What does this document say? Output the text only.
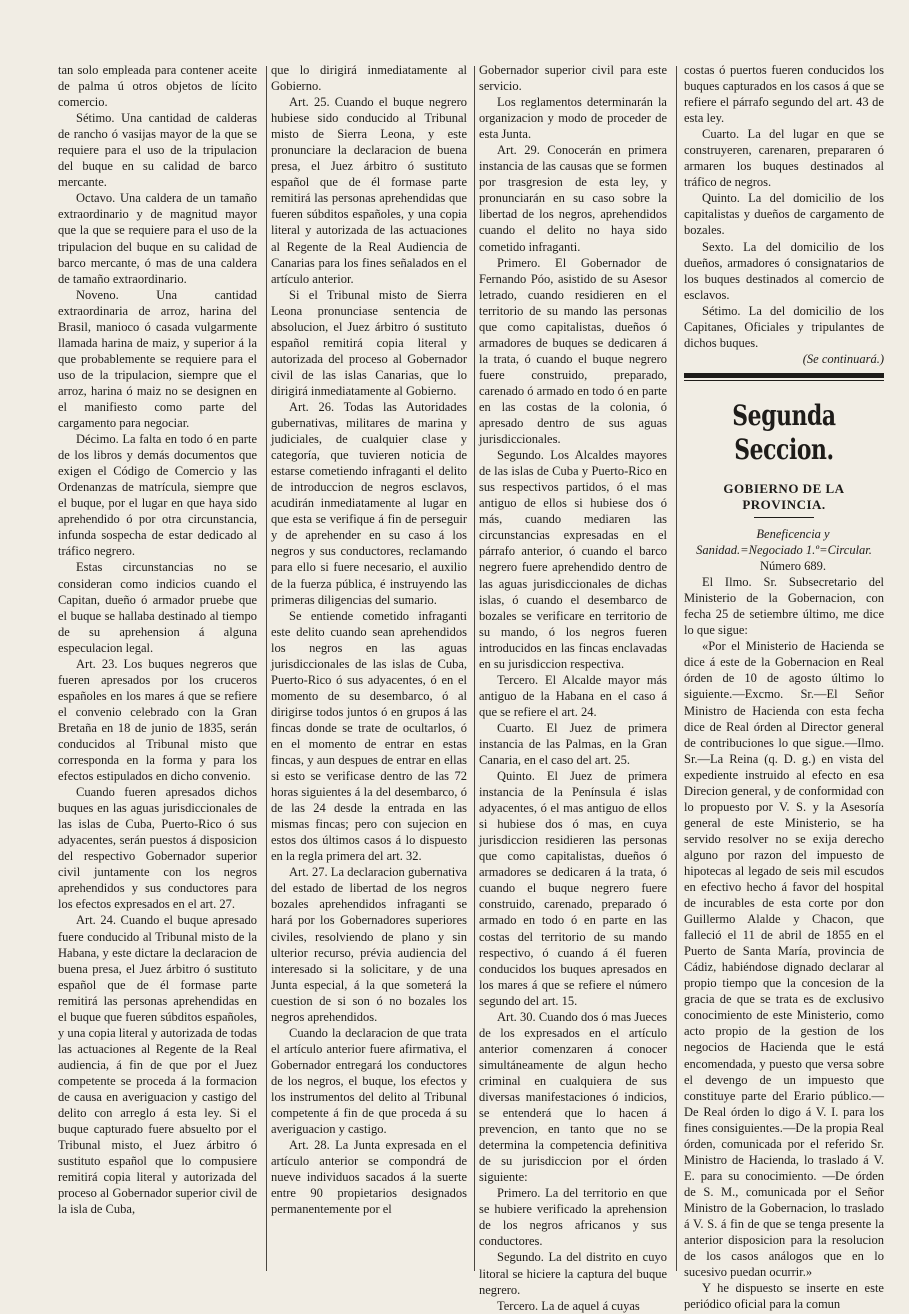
tan solo empleada para contener aceite de palma ú otros objetos de lícito comercio.

Sétimo. Una cantidad de calderas de rancho ó vasijas mayor de la que se requiere para el uso de la tripulacion del buque en su calidad de barco mercante.

Octavo. Una caldera de un tamaño extraordinario y de magnitud mayor que la que se requiere para el uso de la tripulacion del buque en su calidad de barco mercante, ó mas de una caldera de tamaño extraordinario.

Noveno. Una cantidad extraordinaria de arroz, harina del Brasil, manioco ó casada vulgarmente llamada harina de maiz, y superior á la que probablemente se requiere para el uso de la tripulacion, siempre que el arroz, harina ó maiz no se designen en el manifiesto como parte del cargamento para negociar.

Décimo. La falta en todo ó en parte de los libros y demás documentos que exigen el Código de Comercio y las Ordenanzas de matrícula, siempre que el buque, por el lugar en que haya sido aprehendido ó por otra circunstancia, infunda sospecha de estar dedicado al tráfico negrero.

Estas circunstancias no se consideran como indicios cuando el Capitan, dueño ó armador pruebe que el buque se hallaba destinado al tiempo de su aprehension á alguna especulacion legal.

Art. 23. Los buques negreros que fueren apresados por los cruceros españoles en los mares á que se refiere el convenio celebrado con la Gran Bretaña en 18 de junio de 1835, serán conducidos al Tribunal misto que corresponda en la forma y para los efectos estipulados en dicho convenio.

Cuando fueren apresados dichos buques en las aguas jurisdiccionales de las islas de Cuba, Puerto-Rico ó sus adyacentes, serán puestos á disposicion del respectivo Gobernador superior civil juntamente con los negros aprehendidos y sus conductores para los efectos expresados en el art. 27.

Art. 24. Cuando el buque apresado fuere conducido al Tribunal misto de la Habana, y este dictare la declaracion de buena presa, el Juez árbitro ó sustituto español que de él formase parte remitirá las personas aprehendidas en el buque que fueren súbditos españoles, y una copia literal y autorizada de todas las actuaciones al Regente de la Real audiencia, á fin de que por el Juez competente se proceda á la formacion de causa en averiguacion y castigo del delito con arreglo á esta ley. Si el buque capturado fuere absuelto por el Tribunal misto, el Juez árbitro ó sustituto español que lo compusiere remitirá copia literal y autorizada del proceso al Gobernador superior civil de la isla de Cuba,

que lo dirigirá inmediatamente al Gobierno.

Art. 25. Cuando el buque negrero hubiese sido conducido al Tribunal misto de Sierra Leona, y este pronunciare la declaracion de buena presa, el Juez árbitro ó sustituto español que de él formase parte remitirá las personas aprehendidas que fueren súbditos españoles, y una copia literal y autorizada de las actuaciones al Regente de la Real Audiencia de Canarias para los fines señalados en el artículo anterior.

Si el Tribunal misto de Sierra Leona pronunciase sentencia de absolucion, el Juez árbitro ó sustituto español remitirá copia literal y autorizada del proceso al Gobernador civil de las islas Canarias, que lo dirigirá inmediatamente al Gobierno.

Art. 26. Todas las Autoridades gubernativas, militares de marina y judiciales, de cualquier clase y categoría, que tuvieren noticia de estarse cometiendo infraganti el delito de introduccion de negros esclavos, acudirán inmediatamente al lugar en que esta se verifique á fin de perseguir y de aprehender en su caso á los negros y sus conductores, reclamando para ello si fuere necesario, el auxilio de la fuerza pública, é instruyendo las primeras diligencias del sumario.

Se entiende cometido infraganti este delito cuando sean aprehendidos los negros en las aguas jurisdiccionales de las islas de Cuba, Puerto-Rico ó sus adyacentes, ó en el momento de su desembarco, ó al dirigirse todos juntos ó en grupos á las fincas donde se trate de ocultarlos, ó en el momento de entrar en estas fincas, y aun despues de entrar en ellas si esto se verificase dentro de las 72 horas siguientes á la del desembarco, ó de las 24 desde la entrada en las mismas fincas; pero con sujecion en estos dos últimos casos á lo dispuesto en la regla primera del art. 32.

Art. 27. La declaracion gubernativa del estado de libertad de los negros bozales aprehendidos infraganti se hará por los Gobernadores superiores civiles, resolviendo de plano y sin ulterior recurso, prévia audiencia del interesado si la solicitare, y de una Junta especial, á la que someterá la cuestion de si son ó no bozales los negros aprehendidos.

Cuando la declaracion de que trata el artículo anterior fuere afirmativa, el Gobernador entregará los conductores de los negros, el buque, los efectos y los instrumentos del delito al Tribunal competente á fin de que proceda á su averiguacion y castigo.

Art. 28. La Junta expresada en el artículo anterior se compondrá de nueve individuos sacados á la suerte entre 90 propietarios designados permanentemente por el

Gobernador superior civil para este servicio.

Los reglamentos determinarán la organizacion y modo de proceder de esta Junta.

Art. 29. Conocerán en primera instancia de las causas que se formen por trasgresion de esta ley, y pronunciarán en su caso sobre la libertad de los negros, aprehendidos cuando el delito no haya sido cometido infraganti.

Primero. El Gobernador de Fernando Póo, asistido de su Asesor letrado, cuando residieren en el territorio de su mando las personas que como capitalistas, dueños ó armadores de buques se dedicaren á la trata, ó cuando el buque negrero fuere construido, preparado, carenado ó armado en todo ó en parte en las costas de la colonia, ó apresado dentro de sus aguas jurisdiccionales.

Segundo. Los Alcaldes mayores de las islas de Cuba y Puerto-Rico en sus respectivos partidos, ó el mas antiguo de ellos si hubiese dos ó más, cuando mediaren las circunstancias expresadas en el párrafo anterior, ó cuando el barco negrero fuere aprehendido dentro de las aguas jurisdiccionales de dichas islas, ó cuando el desembarco de bozales se verificare en territorio de su mando, ó los negros fueren introducidos en las fincas enclavadas en su jurisdiccion respectiva.

Tercero. El Alcalde mayor más antiguo de la Habana en el caso á que se refiere el art. 24.

Cuarto. El Juez de primera instancia de las Palmas, en la Gran Canaria, en el caso del art. 25.

Quinto. El Juez de primera instancia de la Península é islas adyacentes, ó el mas antiguo de ellos si hubiese dos ó mas, en cuya jurisdiccion residieren las personas que como capitalistas, dueños ó armadores se dedicaren á la trata, ó cuando el buque negrero fuere construido, carenado, preparado ó armado en todo ó en parte en las costas del territorio de su mando respectivo, ó cuando á él fueren conducidos los buques apresados en los mares á que se refiere el número segundo del art. 15.

Art. 30. Cuando dos ó mas Jueces de los expresados en el artículo anterior comenzaren á conocer simultáneamente de algun hecho criminal en cualquiera de sus diversas manifestaciones ó indicios, se entenderá que lo hacen á prevencion, en tanto que no se determina la competencia definitiva de su jurisdiccion por el órden siguiente:

Primero. La del territorio en que se hubiere verificado la aprehension de los negros africanos y sus conductores.

Segundo. La del distrito en cuyo litoral se hiciere la captura del buque negrero.

Tercero. La de aquel á cuyas

costas ó puertos fueren conducidos los buques capturados en los casos á que se refiere el párrafo segundo del art. 43 de esta ley.

Cuarto. La del lugar en que se construyeren, carenaren, prepararen ó armaren los buques destinados al tráfico de negros.

Quinto. La del domicilio de los capitalistas y dueños de cargamento de bozales.

Sexto. La del domicilio de los dueños, armadores ó consignatarios de los buques destinados al comercio de esclavos.

Sétimo. La del domicilio de los Capitanes, Oficiales y tripulantes de dichos buques.

(Se continuará.)

Segunda Seccion.
GOBIERNO DE LA PROVINCIA.

Beneficencia y Sanidad.=Negociado 1.º=Circular.

Número 689.

El Ilmo. Sr. Subsecretario del Ministerio de la Gobernacion, con fecha 25 de setiembre último, me dice lo que sigue:

«Por el Ministerio de Hacienda se dice á este de la Gobernacion en Real órden de 10 de agosto último lo siguiente.—Excmo. Sr.—El Señor Ministro de Hacienda con esta fecha dice de Real órden al Director general de contribuciones lo que sigue.—Ilmo. Sr.—La Reina (q. D. g.) en vista del expediente instruido al efecto en esa Direcion general, y de conformidad con lo propuesto por V. S. y la Asesoría general de este Ministerio, se ha servido resolver no se exija derecho alguno por razon del impuesto de hipotecas al legado de seis mil escudos en efectivo hecho á favor del hospital de incurables de esta corte por don Guillermo Alalde y Chacon, que falleció el 11 de abril de 1855 en el Puerto de Santa María, provincia de Cádiz, habiéndose dignado declarar al propio tiempo que la concesion de la gracia de que se trata es de exclusivo conocimiento de este Ministerio, como acto propio de la gestion de los negocios de Hacienda que le está encomendada, y puesto que versa sobre el devengo de un impuesto que constituye parte del Erario público.—De Real órden lo digo á V. I. para los fines consiguientes.—De la propia Real órden, comunicada por el referido Sr. Ministro de Hacienda, lo traslado á V. E. para su conocimiento. —De órden de S. M., comunicada por el Señor Ministro de la Gobernacion, lo traslado á V. S. á fin de que se tenga presente la anterior disposicion para la resolucion de los casos análogos que en lo sucesivo puedan ocurrir.»

Y he dispuesto se inserte en este periódico oficial para la comun
